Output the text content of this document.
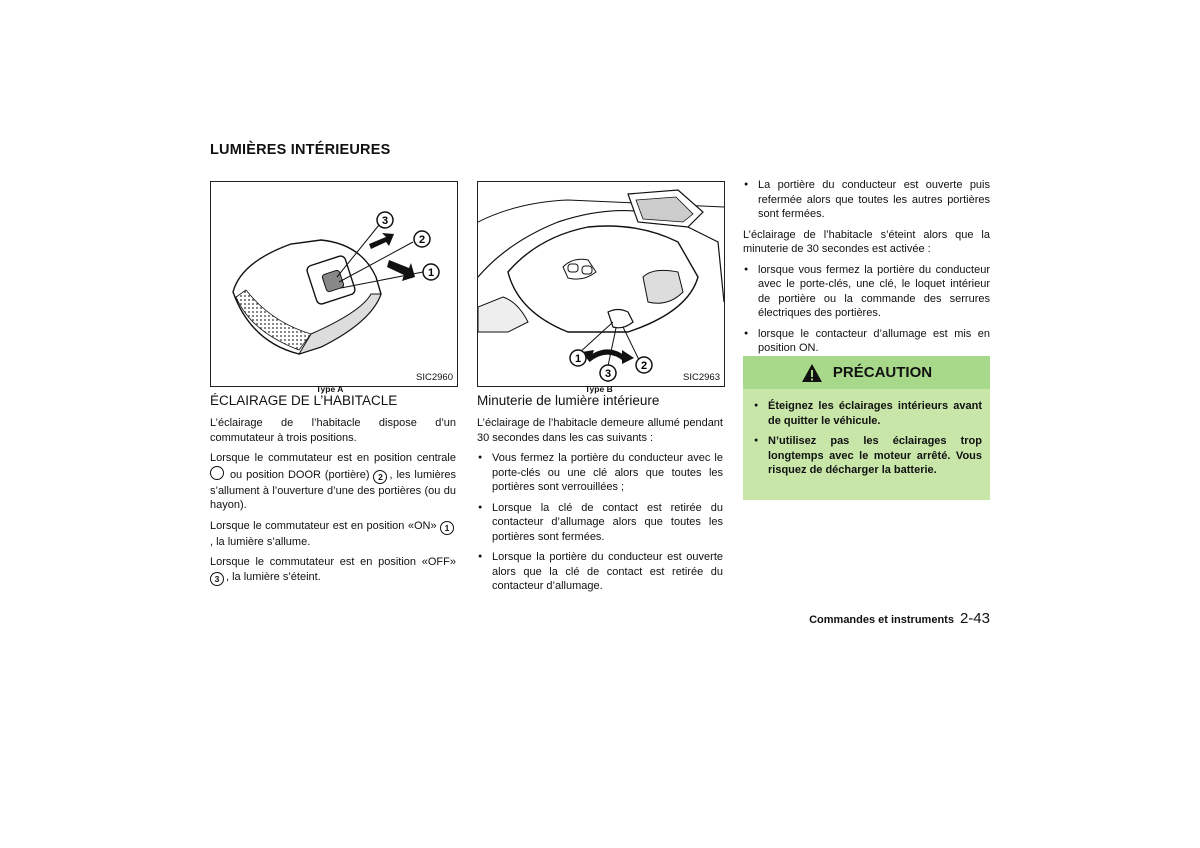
LUMIÈRES INTÉRIEURES
3
2
1
SIC2960
Type A
1
3
2
SIC2963
Type B
ÉCLAIRAGE DE L’HABITACLE

L’éclairage de l’habitacle dispose d’un commutateur à trois positions.

Lorsque le commutateur est en position centrale  ou position DOOR (portière) 2 , les lumières s’allument à l’ouverture d’une des portières (ou du hayon).

Lorsque le commutateur est en position «ON» 1, la lumière s’allume.

Lorsque le commutateur est en position «OFF» 3 , la lumière s’éteint.

Minuterie de lumière intérieure
L’éclairage de l’habitacle demeure allumé pendant 30 secondes dans les cas suivants :
● Vous fermez la portière du conducteur avec le porte-clés ou une clé alors que toutes les portières sont verrouillées ;
● Lorsque la clé de contact est retirée du contacteur d’allumage alors que toutes les portières sont fermées.
● Lorsque la portière du conducteur est ouverte alors que la clé de contact est retirée du contacteur d’allumage.
● La portière du conducteur est ouverte puis refermée alors que toutes les autres portières sont fermées.
L’éclairage de l’habitacle s’éteint alors que la minuterie de 30 secondes est activée :
● lorsque vous fermez la portière du conducteur avec le porte-clés, une clé, le loquet intérieur de portière ou la commande des serrures électriques des portières.
● lorsque le contacteur d’allumage est mis en position ON.
PRÉCAUTION
● Éteignez les éclairages intérieurs avant de quitter le véhicule.
● N’utilisez pas les éclairages trop longtemps avec le moteur arrêté. Vous risquez de décharger la batterie.
Commandes et instruments 2-43
